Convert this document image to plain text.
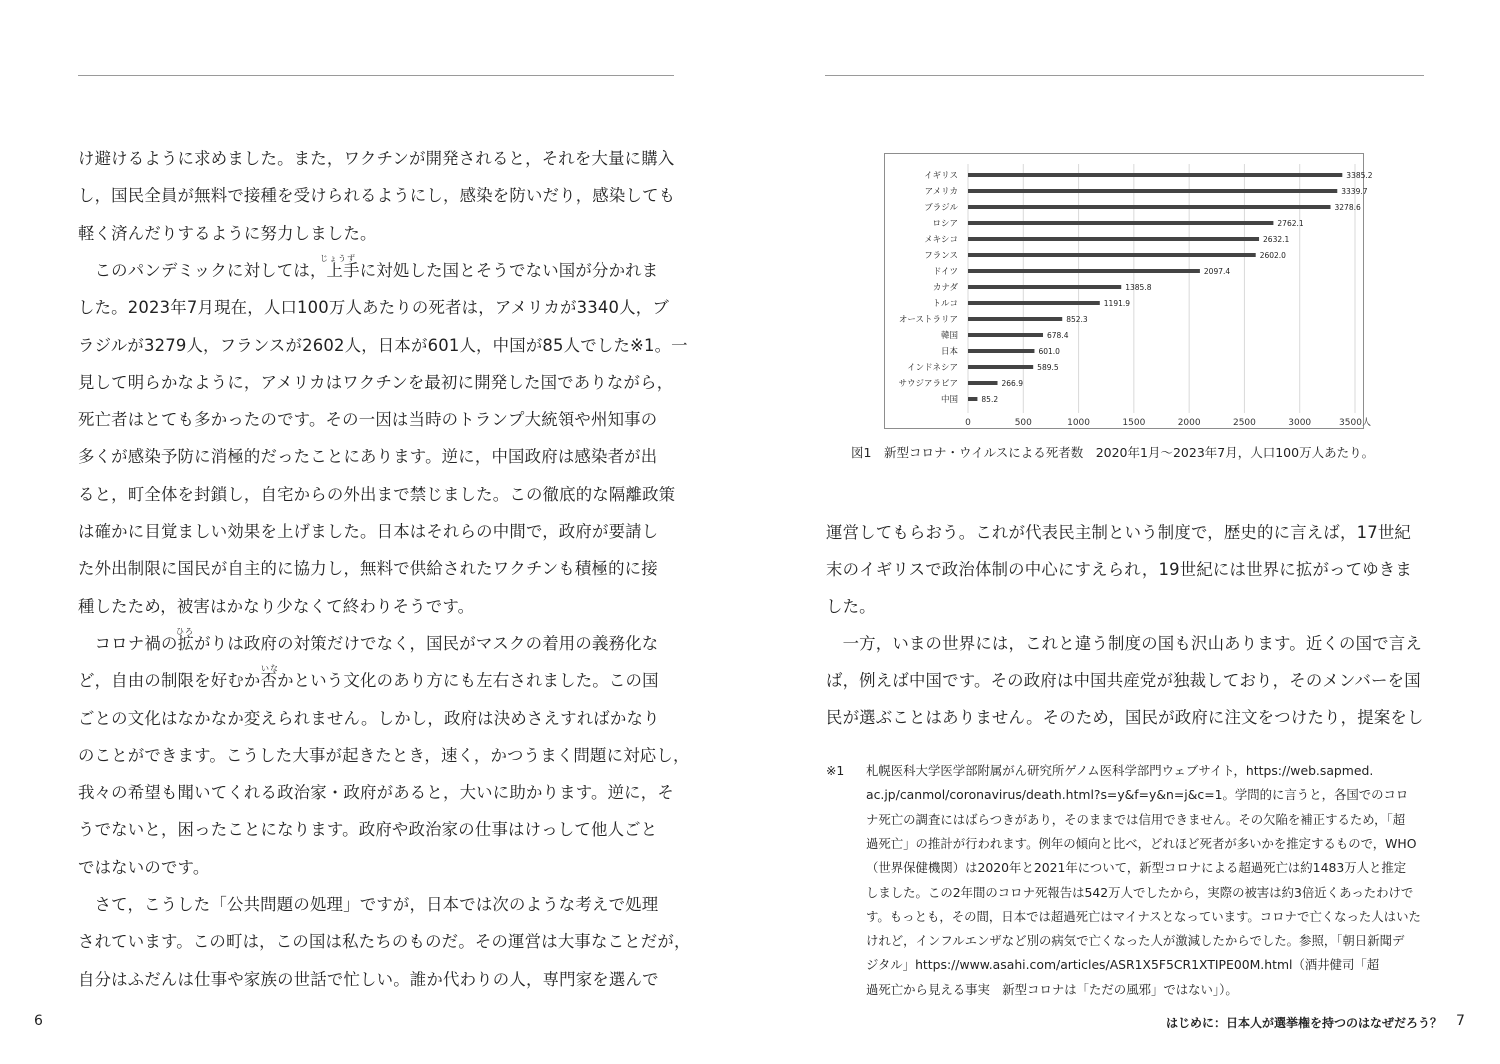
け避けるように求めました。また，ワクチンが開発されると，それを大量に購入
し，国民全員が無料で接種を受けられるようにし，感染を防いだり，感染しても
軽く済んだりするように努力しました。
　このパンデミックに対しては，上手に対処した国とそうでない国が分かれま
した。2023年7月現在，人口100万人あたりの死者は，アメリカが3340人，ブ
ラジルが3279人，フランスが2602人，日本が601人，中国が85人でした※1。一
見して明らかなように，アメリカはワクチンを最初に開発した国でありながら，
死亡者はとても多かったのです。その一因は当時のトランプ大統領や州知事の
多くが感染予防に消極的だったことにあります。逆に，中国政府は感染者が出
ると，町全体を封鎖し，自宅からの外出まで禁じました。この徹底的な隔離政策
は確かに目覚ましい効果を上げました。日本はそれらの中間で，政府が要請し
た外出制限に国民が自主的に協力し，無料で供給されたワクチンも積極的に接
種したため，被害はかなり少なくて終わりそうです。
　コロナ禍の拡がりは政府の対策だけでなく，国民がマスクの着用の義務化な
ど，自由の制限を好むか否かという文化のあり方にも左右されました。この国
ごとの文化はなかなか変えられません。しかし，政府は決めさえすればかなり
のことができます。こうした大事が起きたとき，速く，かつうまく問題に対応し，
我々の希望も聞いてくれる政治家・政府があると，大いに助かります。逆に，そ
うでないと，困ったことになります。政府や政治家の仕事はけっして他人ごと
ではないのです。
　さて，こうした「公共問題の処理」ですが，日本では次のような考えで処理
されています。この町は，この国は私たちのものだ。その運営は大事なことだが，
自分はふだんは仕事や家族の世話で忙しい。誰か代わりの人，専門家を選んで
0	500	1000	1500	2000	2500	3000	3500人
イギリス	3385.2
アメリカ	3339.7
ブラジル	3278.6
ロシア	2762.1
メキシコ	2632.1
フランス	2602.0
ドイツ	2097.4
カナダ	1385.8
トルコ	1191.9
オーストラリア	852.3
韓国	678.4
日本	601.0
インドネシア	589.5
サウジアラビア	266.9
中国	85.2
図1　新型コロナ・ウイルスによる死者数　2020年1月～2023年7月，人口100万人あたり。
運営してもらおう。これが代表民主制という制度で，歴史的に言えば，17世紀
末のイギリスで政治体制の中心にすえられ，19世紀には世界に拡がってゆきま
した。
　一方，いまの世界には，これと違う制度の国も沢山あります。近くの国で言え
ば，例えば中国です。その政府は中国共産党が独裁しており，そのメンバーを国
民が選ぶことはありません。そのため，国民が政府に注文をつけたり，提案をし
※1 札幌医科大学医学部附属がん研究所ゲノム医科学部門ウェブサイト，https://web.sapmed.
ac.jp/canmol/coronavirus/death.html?s=y&f=y&n=j&c=1。学問的に言うと，各国でのコロ
ナ死亡の調査にはばらつきがあり，そのままでは信用できません。その欠陥を補正するため，「超
過死亡」の推計が行われます。例年の傾向と比べ，どれほど死者が多いかを推定するもので，WHO
（世界保健機関）は2020年と2021年について，新型コロナによる超過死亡は約1483万人と推定
しました。この2年間のコロナ死報告は542万人でしたから，実際の被害は約3倍近くあったわけで
す。もっとも，その間，日本では超過死亡はマイナスとなっています。コロナで亡くなった人はいた
けれど，インフルエンザなど別の病気で亡くなった人が激減したからでした。参照，「朝日新聞デ
ジタル」https://www.asahi.com/articles/ASR1X5F5CR1XTIPE00M.html（酒井健司「超
過死亡から見える事実　新型コロナは「ただの風邪」ではない」）。
6	はじめに：日本人が選挙権を持つのはなぜだろう？ 7
じょうず
ひろ
いな
